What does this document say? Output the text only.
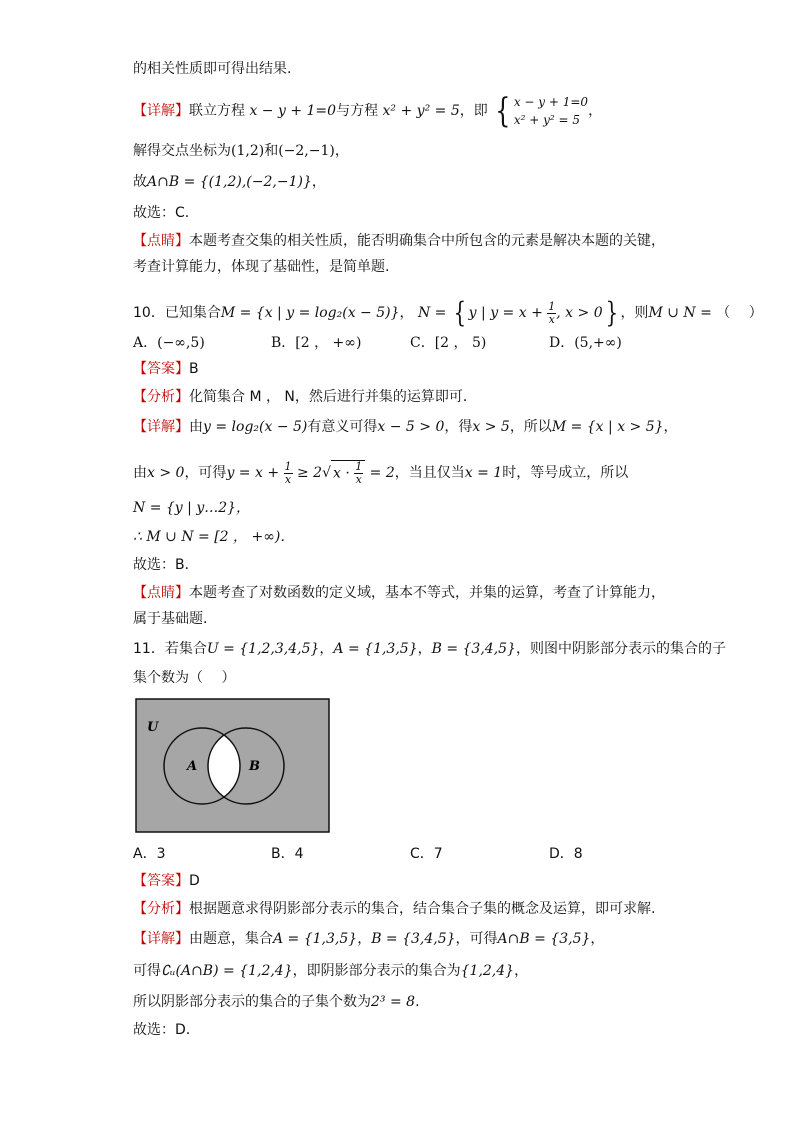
的相关性质即可得出结果.
【详解】联立方程 x − y + 1=0与方程 x² + y² = 5，即 { x − y + 1=0
x² + y² = 5
，
解得交点坐标为(1,2)和(−2,−1)，
故A∩B = {(1,2),(−2,−1)}，
故选：C.
【点睛】本题考查交集的相关性质，能否明确集合中所包含的元素是解决本题的关键，
考查计算能力，体现了基础性，是简单题.
10．已知集合M = {x | y = log₂(x − 5)}， N = { y | $y = x + \frac{1}{x}$ , x > 0} ，则M ∪ N = （　 ）
A．(−∞,5)	B．[2 ， +∞)	C．[2 ， 5)	D．(5,+∞)
【答案】B
【分析】化简集合 M ， N，然后进行并集的运算即可．
【详解】由y = log₂(x − 5)有意义可得x − 5 > 0，得x > 5，所以M = {x | x > 5}，
由x > 0，可得$y = x + \frac{1}{x} \ge 2√$ $x \cdot \frac{1}{x} = 2$，当且仅当x = 1时，等号成立，所以
N = {y | y…2}，
∴ M ∪ N = [2 ， +∞)．
故选：B．
【点睛】本题考查了对数函数的定义域，基本不等式，并集的运算，考查了计算能力，
属于基础题．
11．若集合U = {1,2,3,4,5}，A = {1,3,5}，B = {3,4,5}，则图中阴影部分表示的集合的子
集个数为（　 ）
U
A	B
A．3	B．4	C．7	D．8
【答案】D
【分析】根据题意求得阴影部分表示的集合，结合集合子集的概念及运算，即可求解.
【详解】由题意，集合A = {1,3,5}，B = {3,4,5}，可得A∩B = {3,5}，
可得∁ᵤ(A∩B) = {1,2,4}，即阴影部分表示的集合为{1,2,4}，
所以阴影部分表示的集合的子集个数为2³ = 8.
故选：D.
